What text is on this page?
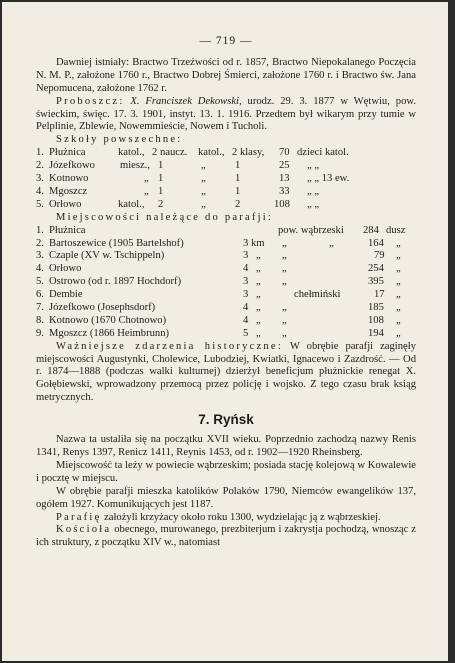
— 719 —

Dawniej istniały: Bractwo Trzeźwości od r. 1857, Bractwo Niepokalanego Poczęcia N. M. P., założone 1760 r., Bractwo Dobrej Śmierci, założone 1760 r. i Bractwo św. Jana Nepomucena, założone 1762 r.

Proboszcz: X. Franciszek Dekowski, urodz. 29. 3. 1877 w Wętwiu, pow. świeckim, święc. 17. 3. 1901, instyt. 13. 1. 1916. Przedtem był wikarym przy tumie w Pelplinie, Zblewie, Nowemmieście, Nowem i Tucholi.

Szkoły powszechne:

1. Płużnica	katol., 2 naucz. katol., 2 klasy, 70 dzieci katol.
2. Józefkowo miesz., 1	„	1	25 „ „
3. Kotnowo	„ 1	„	1	13 „ „ 13 ew.
4. Mgoszcz	„ 1	„	1	33 „ „
5. Orłowo	katol., 2	„	2	108 „ „

Miejscowości należące do parafji:

1. Płużnica	pow. wąbrzeski 284 dusz
2. Bartoszewice (1905 Bartelshof)	3 km „	„	164 „
3. Czaple (XV w. Tschippeln)	3 „ „	79 „
4. Orłowo	4 „ „	254 „
5. Ostrowo (od r. 1897 Hochdorf)	3 „ „	395 „
6. Dembie	3 „	chełmiński	17 „
7. Józefkowo (Josephsdorf)	4 „ „	185 „
8. Kotnowo (1670 Chotnowo)	4 „ „	108 „
9. Mgoszcz (1866 Heimbrunn)	5 „ „	194 „

Ważniejsze zdarzenia historyczne: W obrębie parafji zaginęły miejscowości Augustynki, Cholewice, Lubodziej, Kwiatki, Ignacewo i Zazdrość. — Od r. 1874—1888 (podczas walki kulturnej) dzierżył beneficjum płużnickie renegat X. Gołębiewski, wprowadzony przemocą przez policję i wojsko. Z tego czasu brak ksiąg metrycznych.

7. Ryńsk

Nazwa ta ustaliła się na początku XVII wieku. Poprzednio zachodzą nazwy Renis 1341, Renys 1397, Renicz 1411, Reynis 1453, od r. 1902—1920 Rheinsberg.

Miejscowość ta leży w powiecie wąbrzeskim; posiada stację kolejową w Kowalewie i pocztę w miejscu.

W obrębie parafji mieszka katolików Polaków 1790, Niemców ewangelików 137, ogółem 1927. Komunikujących jest 1187.

Parafię założyli krzyżacy około roku 1300, wydzielając ją z wąbrzeskiej.

Kościoła obecnego, murowanego, prezbiterjum i zakrystja pochodzą, wnosząc z ich struktury, z początku XIV w., natomiast
